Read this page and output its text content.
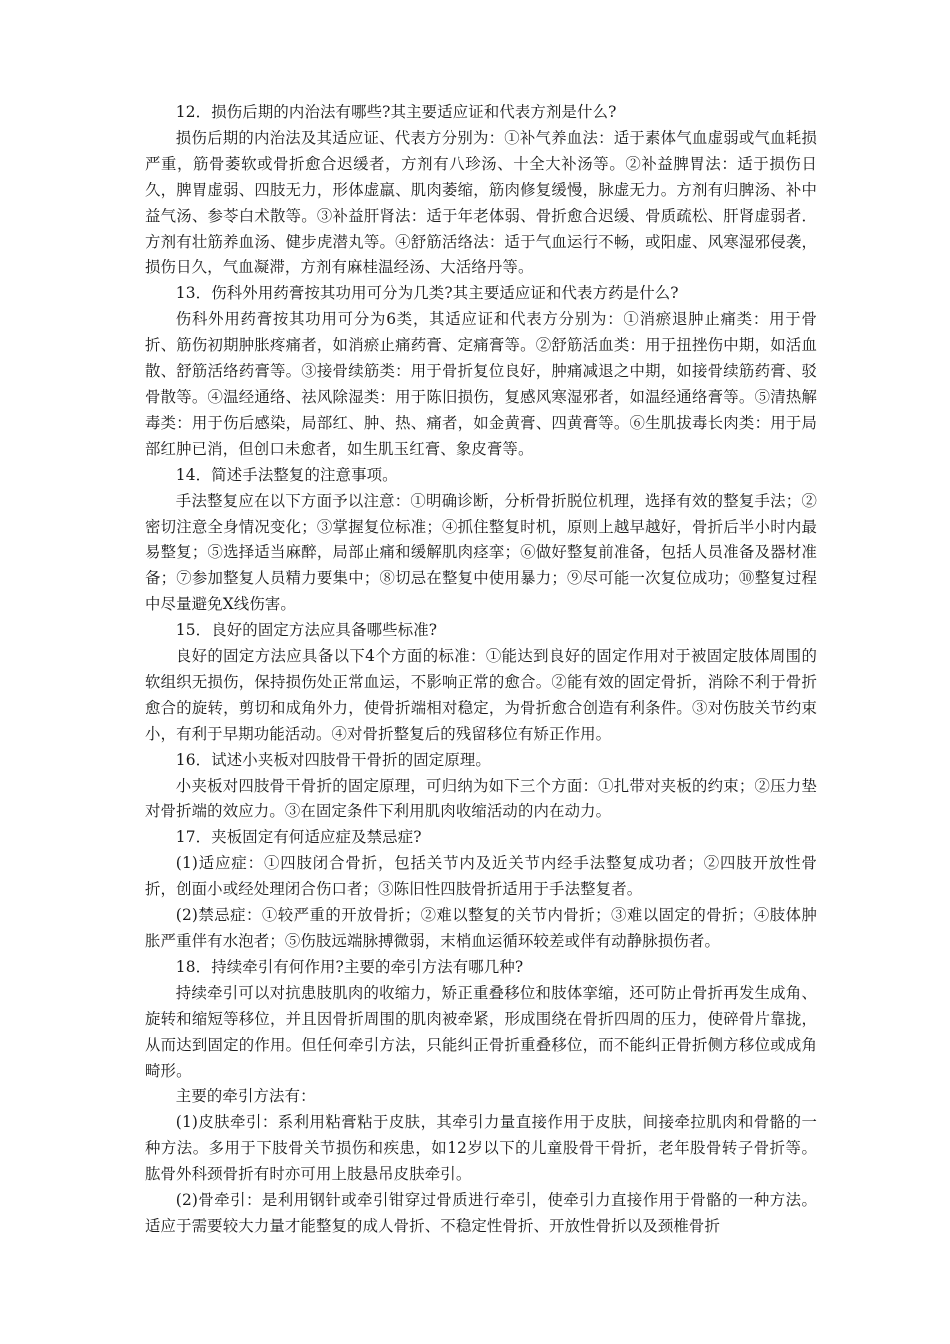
12．损伤后期的内治法有哪些?其主要适应证和代表方剂是什么?

损伤后期的内治法及其适应证、代表方分别为：①补气养血法：适于素体气血虚弱或气血耗损严重，筋骨萎软或骨折愈合迟缓者，方剂有八珍汤、十全大补汤等。②补益脾胃法：适于损伤日久，脾胃虚弱、四肢无力，形体虚羸、肌肉萎缩，筋肉修复缓慢，脉虚无力。方剂有归脾汤、补中益气汤、参苓白术散等。③补益肝肾法：适于年老体弱、骨折愈合迟缓、骨质疏松、肝肾虚弱者．方剂有壮筋养血汤、健步虎潜丸等。④舒筋活络法：适于气血运行不畅，或阳虚、风寒湿邪侵袭，损伤日久，气血凝滞，方剂有麻桂温经汤、大活络丹等。

13．伤科外用药膏按其功用可分为几类?其主要适应证和代表方药是什么?

伤科外用药膏按其功用可分为6类，其适应证和代表方分别为：①消瘀退肿止痛类：用于骨折、筋伤初期肿胀疼痛者，如消瘀止痛药膏、定痛膏等。②舒筋活血类：用于扭挫伤中期，如活血散、舒筋活络药膏等。③接骨续筋类：用于骨折复位良好，肿痛减退之中期，如接骨续筋药膏、驳骨散等。④温经通络、祛风除湿类：用于陈旧损伤，复感风寒湿邪者，如温经通络膏等。⑤清热解毒类：用于伤后感染，局部红、肿、热、痛者，如金黄膏、四黄膏等。⑥生肌拔毒长肉类：用于局部红肿已消，但创口未愈者，如生肌玉红膏、象皮膏等。

14．简述手法整复的注意事项。

手法整复应在以下方面予以注意：①明确诊断，分析骨折脱位机理，选择有效的整复手法；②密切注意全身情况变化；③掌握复位标准；④抓住整复时机，原则上越早越好，骨折后半小时内最易整复；⑤选择适当麻醉，局部止痛和缓解肌肉痉挛；⑥做好整复前准备，包括人员准备及器材准备；⑦参加整复人员精力要集中；⑧切忌在整复中使用暴力；⑨尽可能一次复位成功；⑩整复过程中尽量避免X线伤害。

15．良好的固定方法应具备哪些标准?

良好的固定方法应具备以下4个方面的标准：①能达到良好的固定作用对于被固定肢体周围的软组织无损伤，保持损伤处正常血运，不影响正常的愈合。②能有效的固定骨折，消除不利于骨折愈合的旋转，剪切和成角外力，使骨折端相对稳定，为骨折愈合创造有利条件。③对伤肢关节约束小，有利于早期功能活动。④对骨折整复后的残留移位有矫正作用。

16．试述小夹板对四肢骨干骨折的固定原理。

小夹板对四肢骨干骨折的固定原理，可归纳为如下三个方面：①扎带对夹板的约束；②压力垫对骨折端的效应力。③在固定条件下利用肌肉收缩活动的内在动力。

17．夹板固定有何适应症及禁忌症?

(1)适应症：①四肢闭合骨折，包括关节内及近关节内经手法整复成功者；②四肢开放性骨折，创面小或经处理闭合伤口者；③陈旧性四肢骨折适用于手法整复者。

(2)禁忌症：①较严重的开放骨折；②难以整复的关节内骨折；③难以固定的骨折；④肢体肿胀严重伴有水泡者；⑤伤肢远端脉搏微弱，末梢血运循环较差或伴有动静脉损伤者。

18．持续牵引有何作用?主要的牵引方法有哪几种?

持续牵引可以对抗患肢肌肉的收缩力，矫正重叠移位和肢体挛缩，还可防止骨折再发生成角、旋转和缩短等移位，并且因骨折周围的肌肉被牵紧，形成围绕在骨折四周的压力，使碎骨片靠拢，从而达到固定的作用。但任何牵引方法，只能纠正骨折重叠移位，而不能纠正骨折侧方移位或成角畸形。

主要的牵引方法有：

(1)皮肤牵引：系利用粘膏粘于皮肤，其牵引力量直接作用于皮肤，间接牵拉肌肉和骨骼的一种方法。多用于下肢骨关节损伤和疾患，如12岁以下的儿童股骨干骨折，老年股骨转子骨折等。肱骨外科颈骨折有时亦可用上肢悬吊皮肤牵引。

(2)骨牵引：是利用钢针或牵引钳穿过骨质进行牵引，使牵引力直接作用于骨骼的一种方法。适应于需要较大力量才能整复的成人骨折、不稳定性骨折、开放性骨折以及颈椎骨折
